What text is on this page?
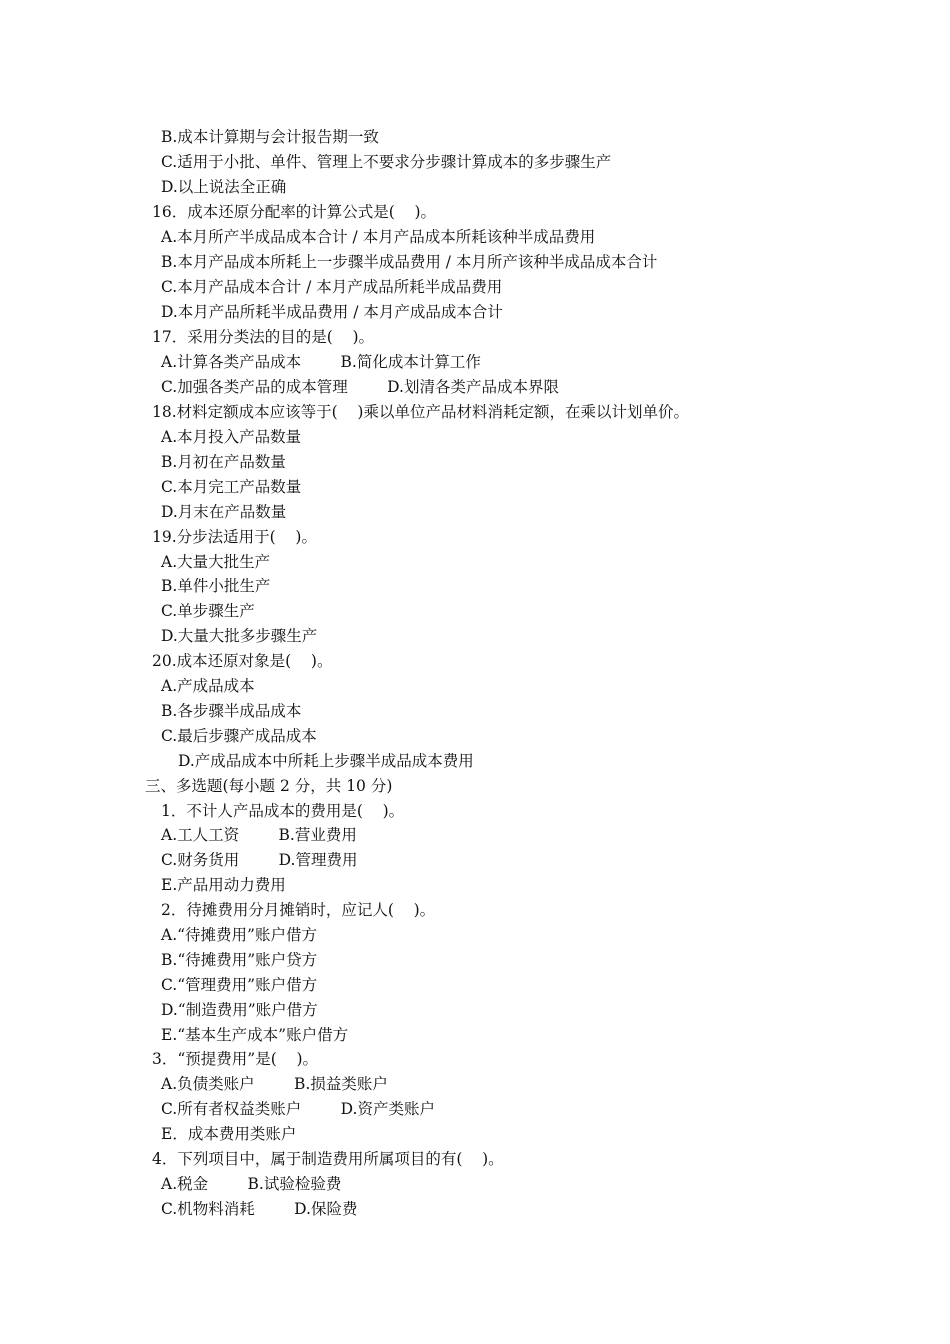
B.成本计算期与会计报告期一致
C.适用于小批、单件、管理上不要求分步骤计算成本的多步骤生产
D.以上说法全正确
16．成本还原分配率的计算公式是(    )。
A.本月所产半成品成本合计 / 本月产品成本所耗该种半成品费用
B.本月产品成本所耗上一步骤半成品费用 / 本月所产该种半成品成本合计
C.本月产品成本合计 / 本月产成品所耗半成品费用
D.本月产品所耗半成品费用 / 本月产成品成本合计
17．采用分类法的目的是(    )。
A.计算各类产品成本        B.简化成本计算工作
C.加强各类产品的成本管理        D.划清各类产品成本界限
18.材料定额成本应该等于(    )乘以单位产品材料消耗定额，在乘以计划单价。
A.本月投入产品数量
B.月初在产品数量
C.本月完工产品数量
D.月末在产品数量
19.分步法适用于(    )。
A.大量大批生产
B.单件小批生产
C.单步骤生产
D.大量大批多步骤生产
20.成本还原对象是(    )。
A.产成品成本
B.各步骤半成品成本
C.最后步骤产成品成本
D.产成品成本中所耗上步骤半成品成本费用
三、多选题(每小题 2 分，共 10 分)
1．不计人产品成本的费用是(    )。
A.工人工资        B.营业费用
C.财务货用        D.管理费用
E.产品用动力费用
2．待摊费用分月摊销时，应记人(    )。
A.“待摊费用”账户借方
B.“待摊费用”账户贷方
C.“管理费用”账户借方
D.“制造费用”账户借方
E.“基本生产成本”账户借方
3．“预提费用”是(    )。
A.负债类账户        B.损益类账户
C.所有者权益类账户        D.资产类账户
E．成本费用类账户
4．下列项目中，属于制造费用所属项目的有(    )。
A.税金        B.试验检验费
C.机物料消耗        D.保险费
